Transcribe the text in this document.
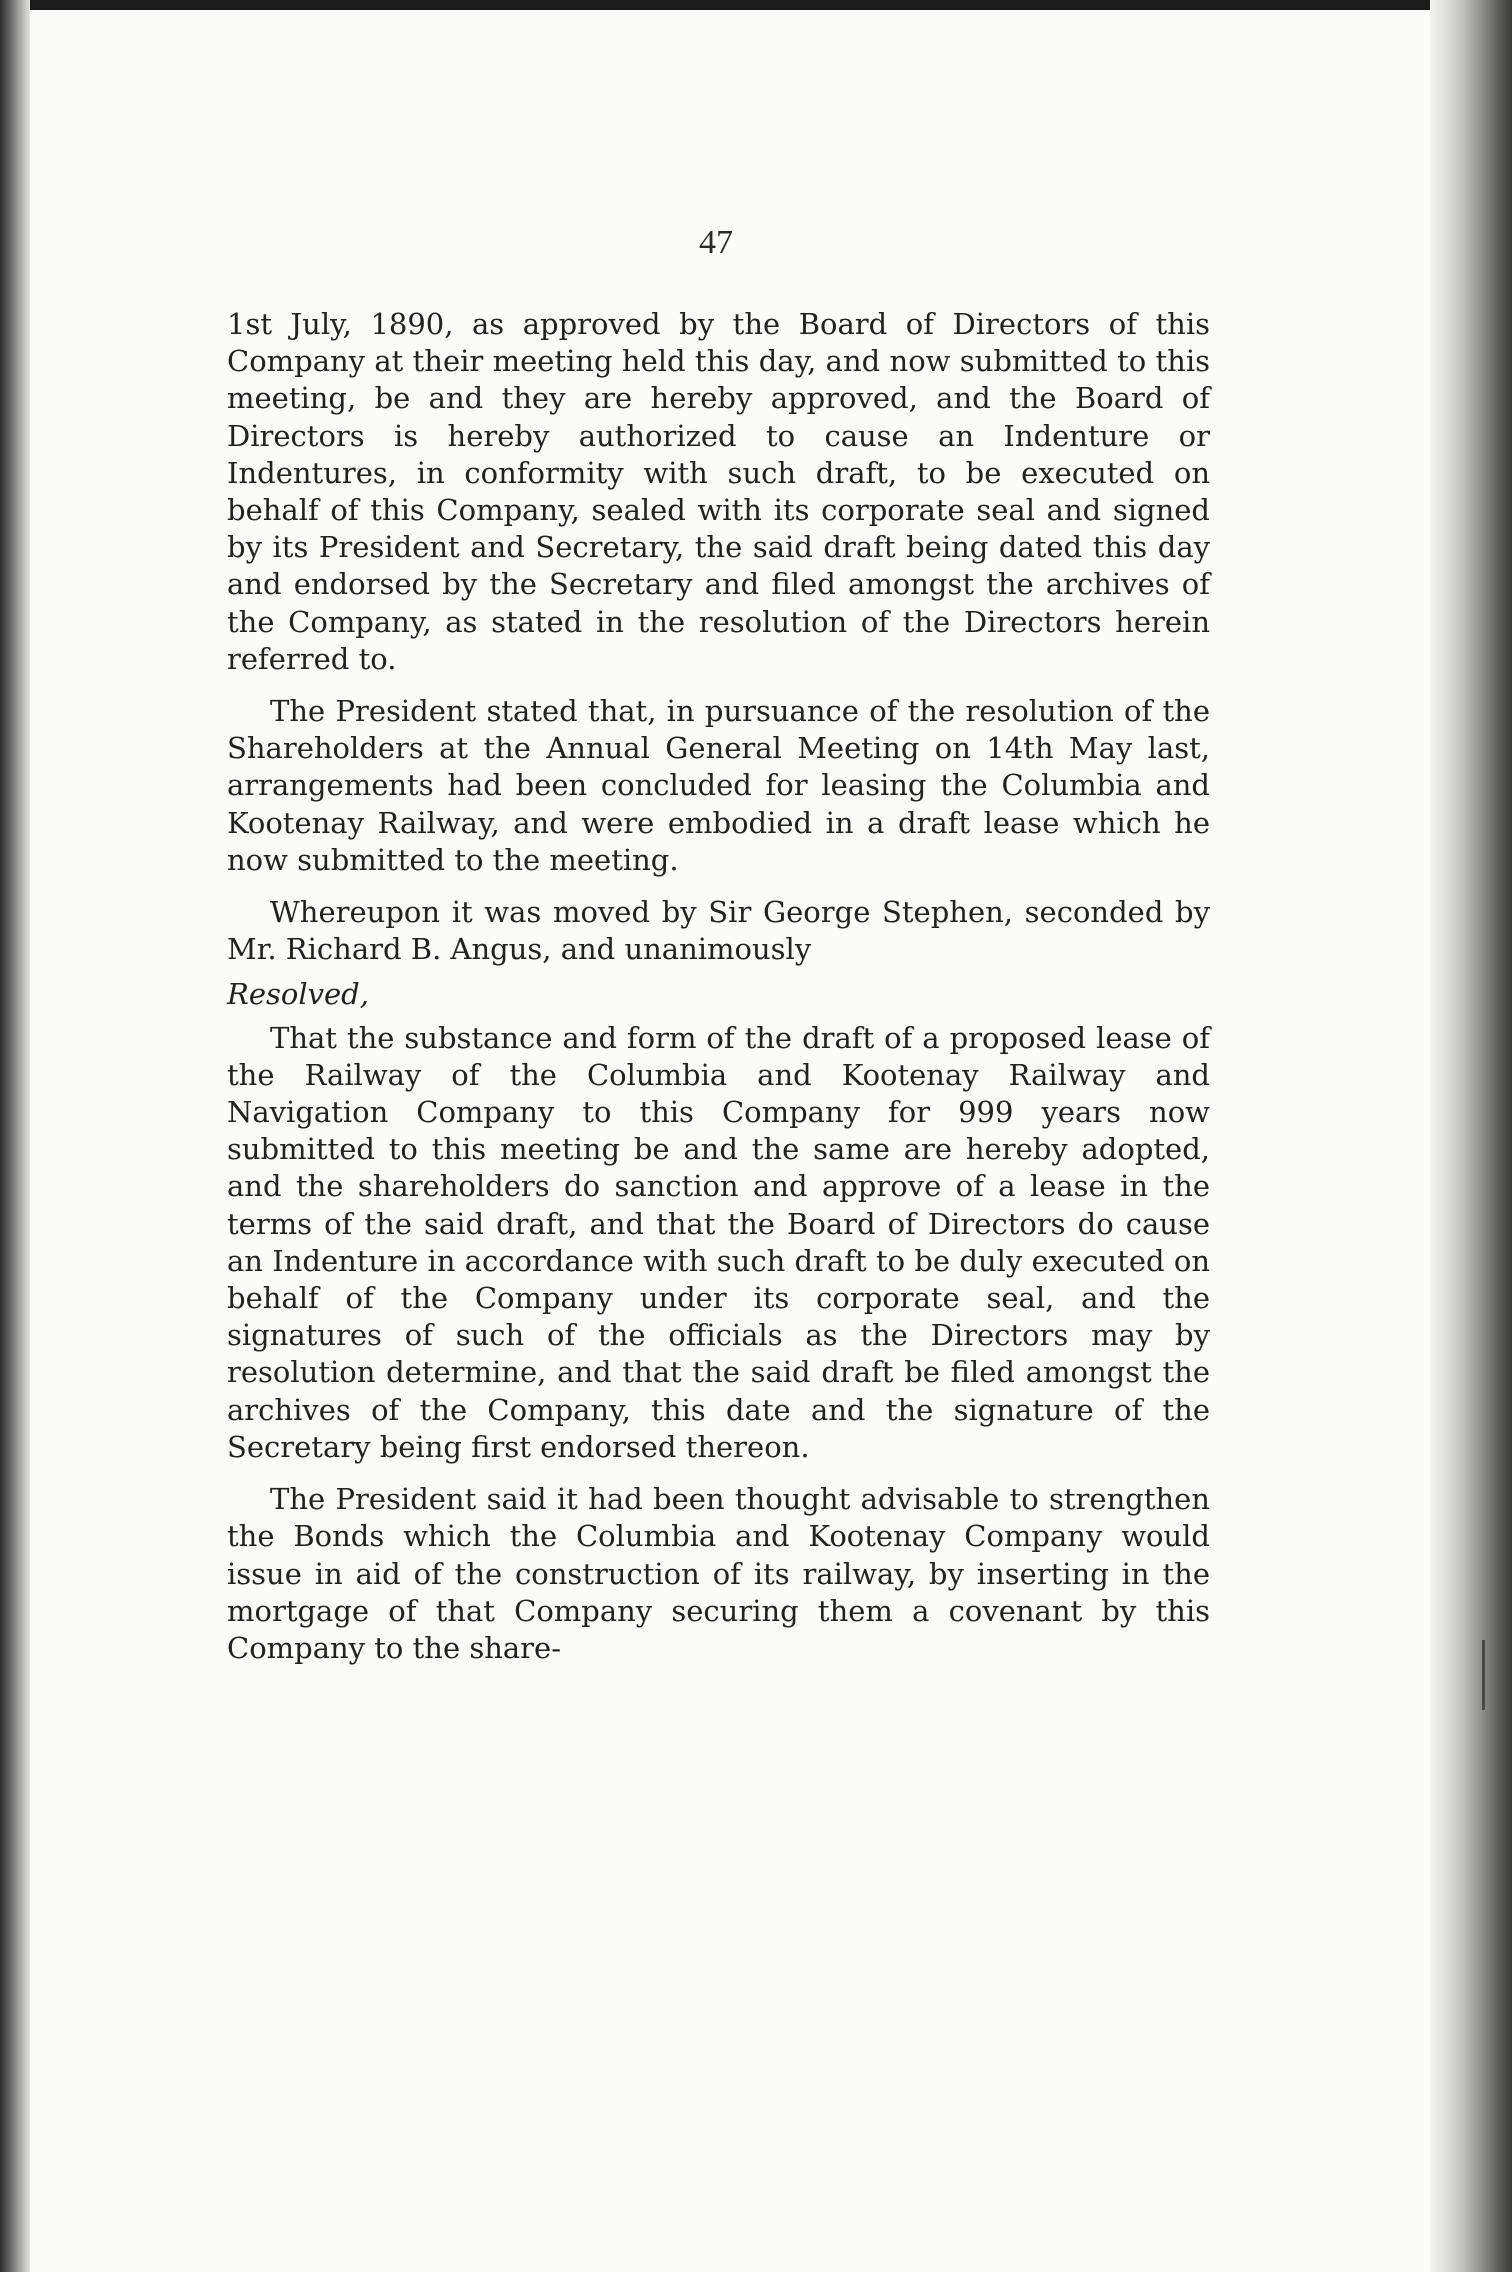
47

1st July, 1890, as approved by the Board of Directors of this Company at their meeting held this day, and now submitted to this meeting, be and they are hereby approved, and the Board of Directors is hereby authorized to cause an Indenture or Indentures, in conformity with such draft, to be executed on behalf of this Company, sealed with its corporate seal and signed by its President and Secretary, the said draft being dated this day and endorsed by the Secretary and filed amongst the archives of the Company, as stated in the resolution of the Directors herein referred to.

The President stated that, in pursuance of the resolution of the Shareholders at the Annual General Meeting on 14th May last, arrangements had been concluded for leasing the Columbia and Kootenay Railway, and were embodied in a draft lease which he now submitted to the meeting.

Whereupon it was moved by Sir George Stephen, seconded by Mr. Richard B. Angus, and unanimously

Resolved,

That the substance and form of the draft of a proposed lease of the Railway of the Columbia and Kootenay Railway and Navigation Company to this Company for 999 years now submitted to this meeting be and the same are hereby adopted, and the shareholders do sanction and approve of a lease in the terms of the said draft, and that the Board of Directors do cause an Indenture in accordance with such draft to be duly executed on behalf of the Company under its corporate seal, and the signatures of such of the officials as the Directors may by resolution determine, and that the said draft be filed amongst the archives of the Company, this date and the signature of the Secretary being first endorsed thereon.

The President said it had been thought advisable to strengthen the Bonds which the Columbia and Kootenay Company would issue in aid of the construction of its railway, by inserting in the mortgage of that Company securing them a covenant by this Company to the share-
